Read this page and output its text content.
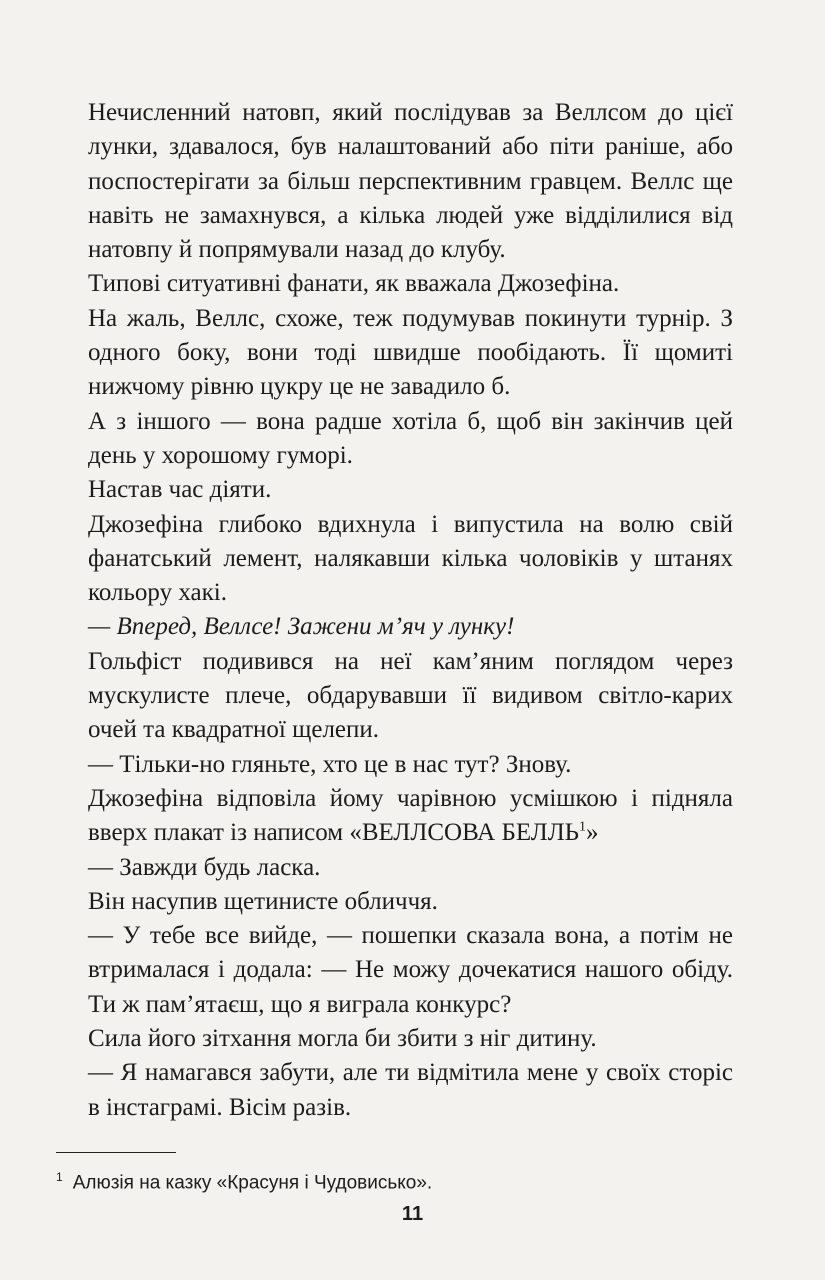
Нечисленний натовп, який послідував за Веллсом до цієї лунки, здавалося, був налаштований або піти раніше, або поспостерігати за більш перспективним гравцем. Веллс ще навіть не замахнувся, а кілька людей уже відділилися від натовпу й попрямували назад до клубу.

Типові ситуативні фанати, як вважала Джозефіна.

На жаль, Веллс, схоже, теж подумував покинути турнір. З одного боку, вони тоді швидше пообідають. Її щомиті нижчому рівню цукру це не завадило б.

А з іншого — вона радше хотіла б, щоб він закінчив цей день у хорошому гуморі.

Настав час діяти.

Джозефіна глибоко вдихнула і випустила на волю свій фанатський лемент, налякавши кілька чоловіків у штанях кольору хакі.

— Вперед, Веллсе! Зажени м’яч у лунку!

Гольфіст подивився на неї кам’яним поглядом через мускулисте плече, обдарувавши її видивом світло-карих очей та квадратної щелепи.

— Тільки-но гляньте, хто це в нас тут? Знову.

Джозефіна відповіла йому чарівною усмішкою і підняла вверх плакат із написом «ВЕЛЛСОВА БЕЛЛЬ$^1$»

— Завжди будь ласка.

Він насупив щетинисте обличчя.

— У тебе все вийде, — пошепки сказала вона, а потім не втрималася і додала: — Не можу дочекатися нашого обіду. Ти ж пам’ятаєш, що я виграла конкурс?

Сила його зітхання могла би збити з ніг дитину.

— Я намагався забути, але ти відмітила мене у своїх сторіс в інстаграмі. Вісім разів.

$^1$ Алюзія на казку «Красуня і Чудовисько».
11
